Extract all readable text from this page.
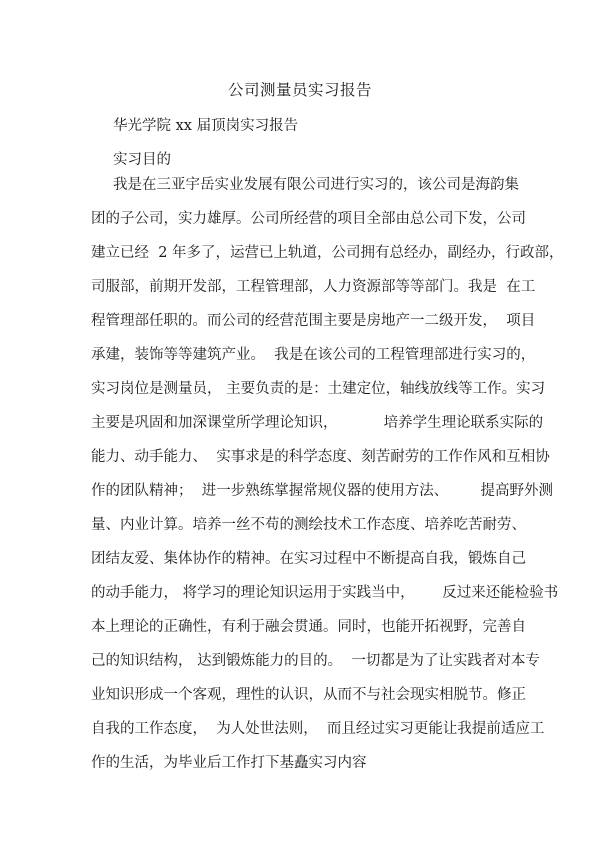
公司测量员实习报告
华光学院 xx 届顶岗实习报告
实习目的
我是在三亚宇岳实业发展有限公司进行实习的，该公司是海韵集
团的子公司，实力雄厚。公司所经营的项目全部由总公司下发，公司
建立已经  2 年多了，运营已上轨道，公司拥有总经办，副经办，行政部，
司服部，前期开发部，工程管理部，人力资源部等等部门。我是  在工
程管理部任职的。而公司的经营范围主要是房地产一二级开发，  项目
承建，装饰等等建筑产业。  我是在该公司的工程管理部进行实习的，
实习岗位是测量员， 主要负责的是：土建定位，轴线放线等工作。实习
主要是巩固和加深课堂所学理论知识，          培养学生理论联系实际的
能力、动手能力、  实事求是的科学态度、刻苦耐劳的工作作风和互相协
作的团队精神；  进一步熟练掌握常规仪器的使用方法、       提高野外测
量、内业计算。培养一丝不苟的测绘技术工作态度、培养吃苦耐劳、
团结友爱、集体协作的精神。在实习过程中不断提高自我，锻炼自己
的动手能力， 将学习的理论知识运用于实践当中，      反过来还能检验书
本上理论的正确性，有利于融会贯通。同时，也能开拓视野，完善自
己的知识结构， 达到锻炼能力的目的。  一切都是为了让实践者对本专
业知识形成一个客观，理性的认识，从而不与社会现实相脱节。修正
自我的工作态度，  为人处世法则，  而且经过实习更能让我提前适应工
作的生活，为毕业后工作打下基矗实习内容
